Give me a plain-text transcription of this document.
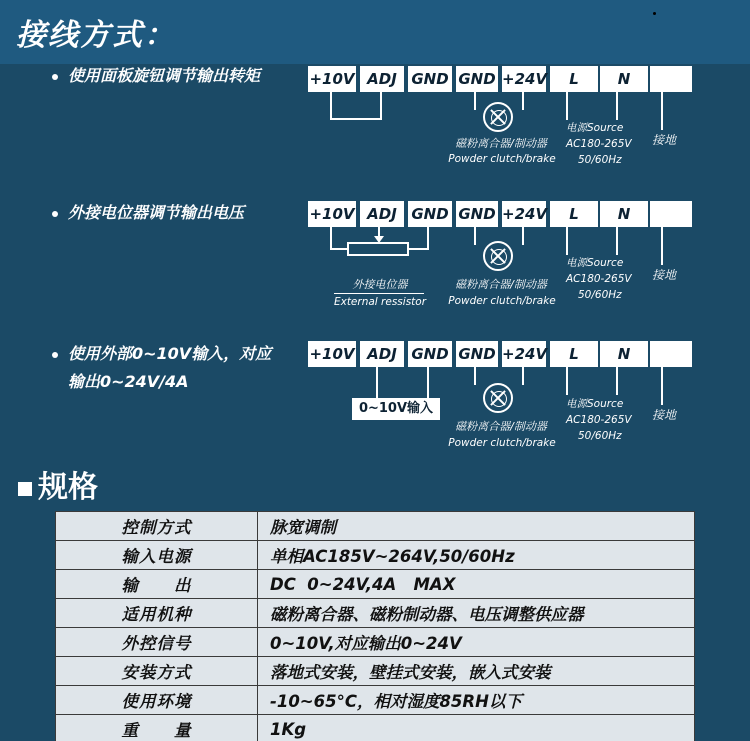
接线方式：
使用面板旋钮调节输出转矩	+10V ADJ GND GND +24V	L	N
磁粉离合器/制动器
Powder clutch/brake
电源Source
AC180-265V
50/60Hz
接地
外接电位器调节输出电压	+10V ADJ GND GND +24V	L	N
外接电位器
External ressistor
磁粉离合器/制动器
Powder clutch/brake
电源Source
AC180-265V
50/60Hz
接地
使用外部0~10V输入，对应
输出0~24V/4A
+10V ADJ GND GND +24V	L	N
0~10V输入
磁粉离合器/制动器
Powder clutch/brake
电源Source
AC180-265V
50/60Hz
接地
规格
控制方式	脉宽调制
输入电源	单相AC185V~264V,50/60Hz
输　　出	DC  0~24V,4A   MAX
适用机种	磁粉离合器、磁粉制动器、电压调整供应器
外控信号	0~10V,对应输出0~24V
安装方式	落地式安装，壁挂式安装，嵌入式安装
使用环境	-10~65°C，相对湿度85RH以下
重　　量	1Kg
